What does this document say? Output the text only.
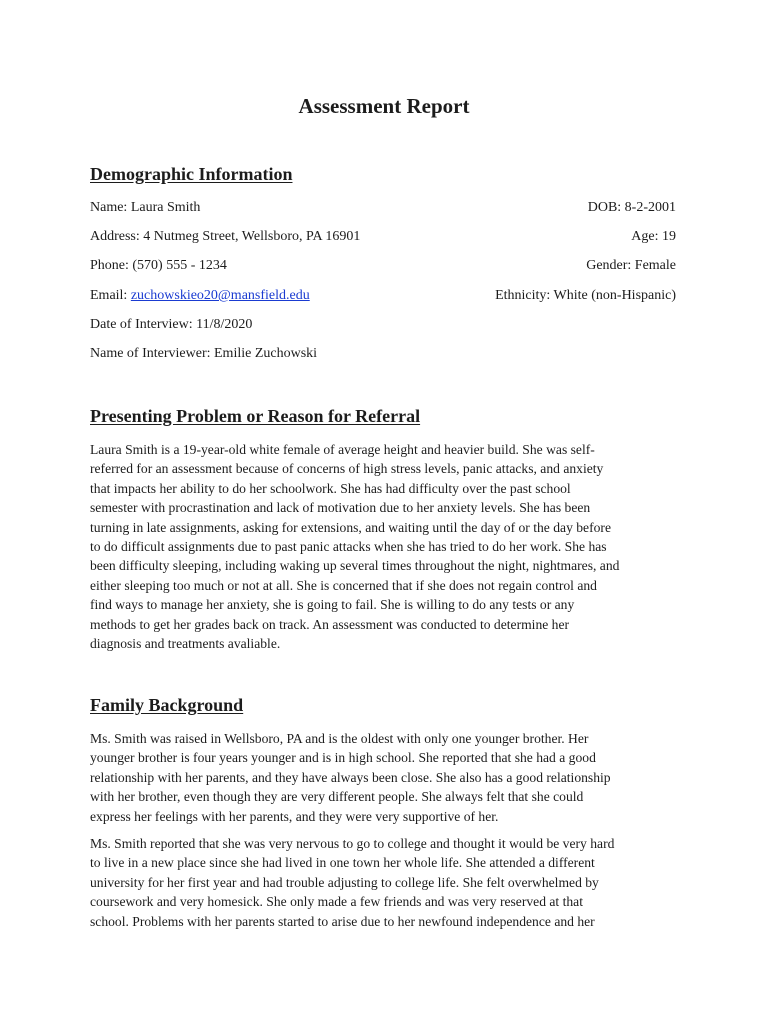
Assessment Report
Demographic Information
Name: Laura Smith	DOB: 8-2-2001
Address: 4 Nutmeg Street, Wellsboro, PA 16901	Age: 19
Phone: (570) 555 - 1234	Gender: Female
Email: zuchowskieo20@mansfield.edu	Ethnicity: White (non-Hispanic)
Date of Interview: 11/8/2020
Name of Interviewer: Emilie Zuchowski
Presenting Problem or Reason for Referral

Laura Smith is a 19-year-old white female of average height and heavier build. She was self-
referred for an assessment because of concerns of high stress levels, panic attacks, and anxiety
that impacts her ability to do her schoolwork. She has had difficulty over the past school
semester with procrastination and lack of motivation due to her anxiety levels. She has been
turning in late assignments, asking for extensions, and waiting until the day of or the day before
to do difficult assignments due to past panic attacks when she has tried to do her work. She has
been difficulty sleeping, including waking up several times throughout the night, nightmares, and
either sleeping too much or not at all. She is concerned that if she does not regain control and
find ways to manage her anxiety, she is going to fail. She is willing to do any tests or any
methods to get her grades back on track. An assessment was conducted to determine her
diagnosis and treatments avaliable.

Family Background

Ms. Smith was raised in Wellsboro, PA and is the oldest with only one younger brother. Her
younger brother is four years younger and is in high school. She reported that she had a good
relationship with her parents, and they have always been close. She also has a good relationship
with her brother, even though they are very different people. She always felt that she could
express her feelings with her parents, and they were very supportive of her.

Ms. Smith reported that she was very nervous to go to college and thought it would be very hard
to live in a new place since she had lived in one town her whole life. She attended a different
university for her first year and had trouble adjusting to college life. She felt overwhelmed by
coursework and very homesick. She only made a few friends and was very reserved at that
school. Problems with her parents started to arise due to her newfound independence and her
